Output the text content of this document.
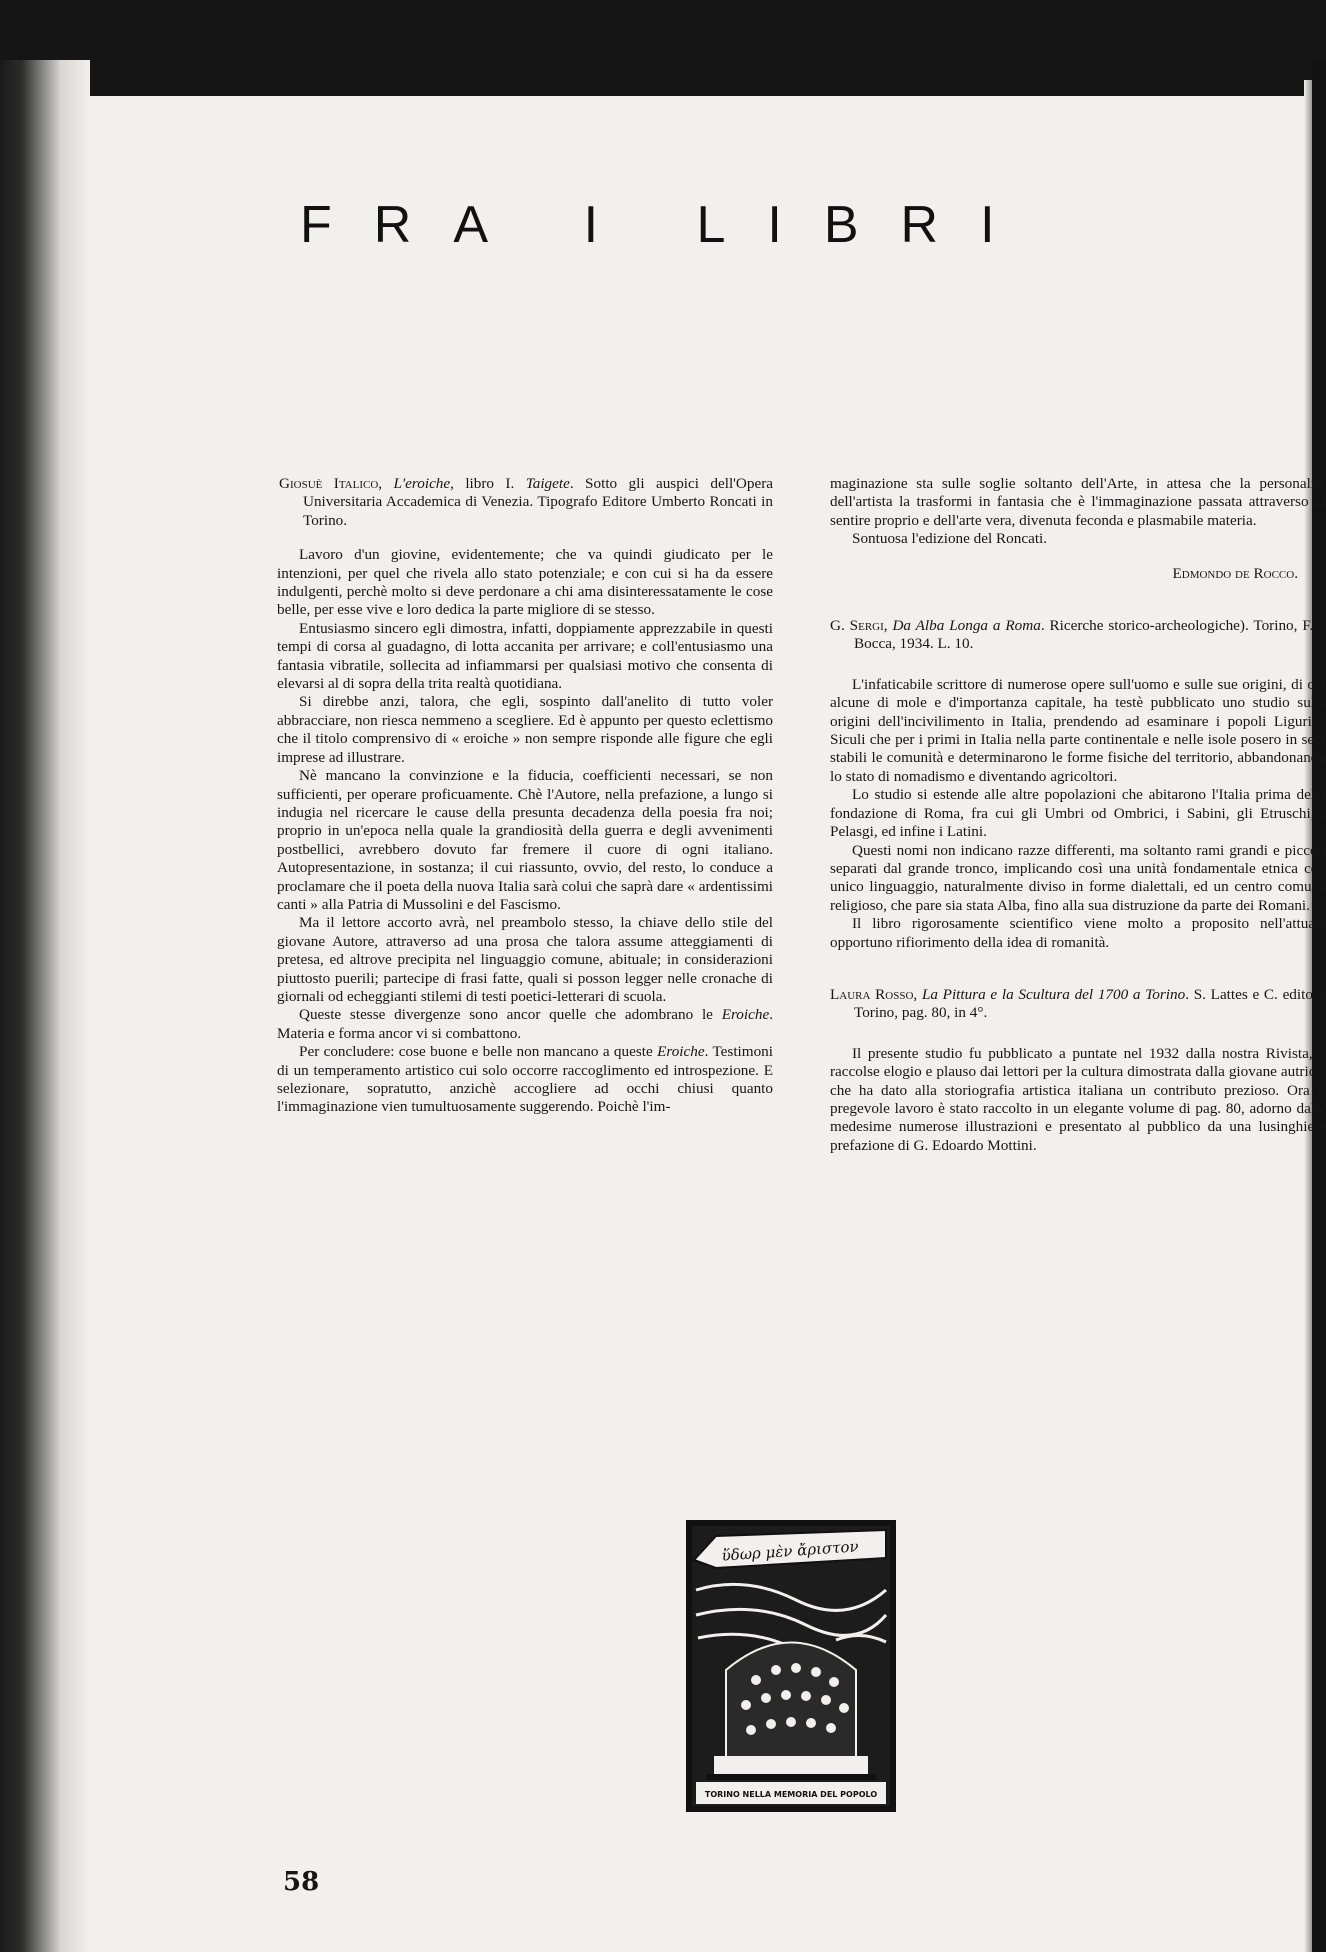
FRA I LIBRI

Giosuè Italico, L'eroiche, libro I. Taigete. Sotto gli auspici dell'Opera Universitaria Accademica di Venezia. Tipografo Editore Umberto Roncati in Torino.

Lavoro d'un giovine, evidentemente; che va quindi giudicato per le intenzioni, per quel che rivela allo stato potenziale; e con cui si ha da essere indulgenti, perchè molto si deve perdonare a chi ama disinteressatamente le cose belle, per esse vive e loro dedica la parte migliore di se stesso.

Entusiasmo sincero egli dimostra, infatti, doppiamente apprezzabile in questi tempi di corsa al guadagno, di lotta accanita per arrivare; e coll'entusiasmo una fantasia vibratile, sollecita ad infiammarsi per qualsiasi motivo che consenta di elevarsi al di sopra della trita realtà quotidiana.

Si direbbe anzi, talora, che egli, sospinto dall'anelito di tutto voler abbracciare, non riesca nemmeno a scegliere. Ed è appunto per questo eclettismo che il titolo comprensivo di « eroiche » non sempre risponde alle figure che egli imprese ad illustrare.

Nè mancano la convinzione e la fiducia, coefficienti necessari, se non sufficienti, per operare proficuamente. Chè l'Autore, nella prefazione, a lungo si indugia nel ricercare le cause della presunta decadenza della poesia fra noi; proprio in un'epoca nella quale la grandiosità della guerra e degli avvenimenti postbellici, avrebbero dovuto far fremere il cuore di ogni italiano. Autopresentazione, in sostanza; il cui riassunto, ovvio, del resto, lo conduce a proclamare che il poeta della nuova Italia sarà colui che saprà dare « ardentissimi canti » alla Patria di Mussolini e del Fascismo.

Ma il lettore accorto avrà, nel preambolo stesso, la chiave dello stile del giovane Autore, attraverso ad una prosa che talora assume atteggiamenti di pretesa, ed altrove precipita nel linguaggio comune, abituale; in considerazioni piuttosto puerili; partecipe di frasi fatte, quali si posson legger nelle cronache di giornali od echeggianti stilemi di testi poetici-letterari di scuola.

Queste stesse divergenze sono ancor quelle che adombrano le Eroiche. Materia e forma ancor vi si combattono.

Per concludere: cose buone e belle non mancano a queste Eroiche. Testimoni di un temperamento artistico cui solo occorre raccoglimento ed introspezione. E selezionare, sopratutto, anzichè accogliere ad occhi chiusi quanto l'immaginazione vien tumultuosamente suggerendo. Poichè l'im-

maginazione sta sulle soglie soltanto dell'Arte, in attesa che la personalità dell'artista la trasformi in fantasia che è l'immaginazione passata attraverso al sentire proprio e dell'arte vera, divenuta feconda e plasmabile materia.

Sontuosa l'edizione del Roncati.

Edmondo de Rocco.

G. Sergi, Da Alba Longa a Roma. Ricerche storico-archeologiche). Torino, F.lli Bocca, 1934. L. 10.

L'infaticabile scrittore di numerose opere sull'uomo e sulle sue origini, di cui alcune di mole e d'importanza capitale, ha testè pubblicato uno studio sulle origini dell'incivilimento in Italia, prendendo ad esaminare i popoli Liguri e Siculi che per i primi in Italia nella parte continentale e nelle isole posero in sedi stabili le comunità e determinarono le forme fisiche del territorio, abbandonando lo stato di nomadismo e diventando agricoltori.

Lo studio si estende alle altre popolazioni che abitarono l'Italia prima della fondazione di Roma, fra cui gli Umbri od Ombrici, i Sabini, gli Etruschi, i Pelasgi, ed infine i Latini.

Questi nomi non indicano razze differenti, ma soltanto rami grandi e piccoli separati dal grande tronco, implicando così una unità fondamentale etnica con unico linguaggio, naturalmente diviso in forme dialettali, ed un centro comune religioso, che pare sia stata Alba, fino alla sua distruzione da parte dei Romani.

Il libro rigorosamente scientifico viene molto a proposito nell'attuale opportuno rifiorimento della idea di romanità.

Laura Rosso, La Pittura e la Scultura del 1700 a Torino. S. Lattes e C. editori, Torino, pag. 80, in 4°.

Il presente studio fu pubblicato a puntate nel 1932 dalla nostra Rivista, e raccolse elogio e plauso dai lettori per la cultura dimostrata dalla giovane autrice, che ha dato alla storiografia artistica italiana un contributo prezioso. Ora il pregevole lavoro è stato raccolto in un elegante volume di pag. 80, adorno dalle medesime numerose illustrazioni e presentato al pubblico da una lusinghiera prefazione di G. Edoardo Mottini.

ὕδωρ μὲν ἄριστον
TORINO NELLA MEMORIA DEL POPOLO
58
